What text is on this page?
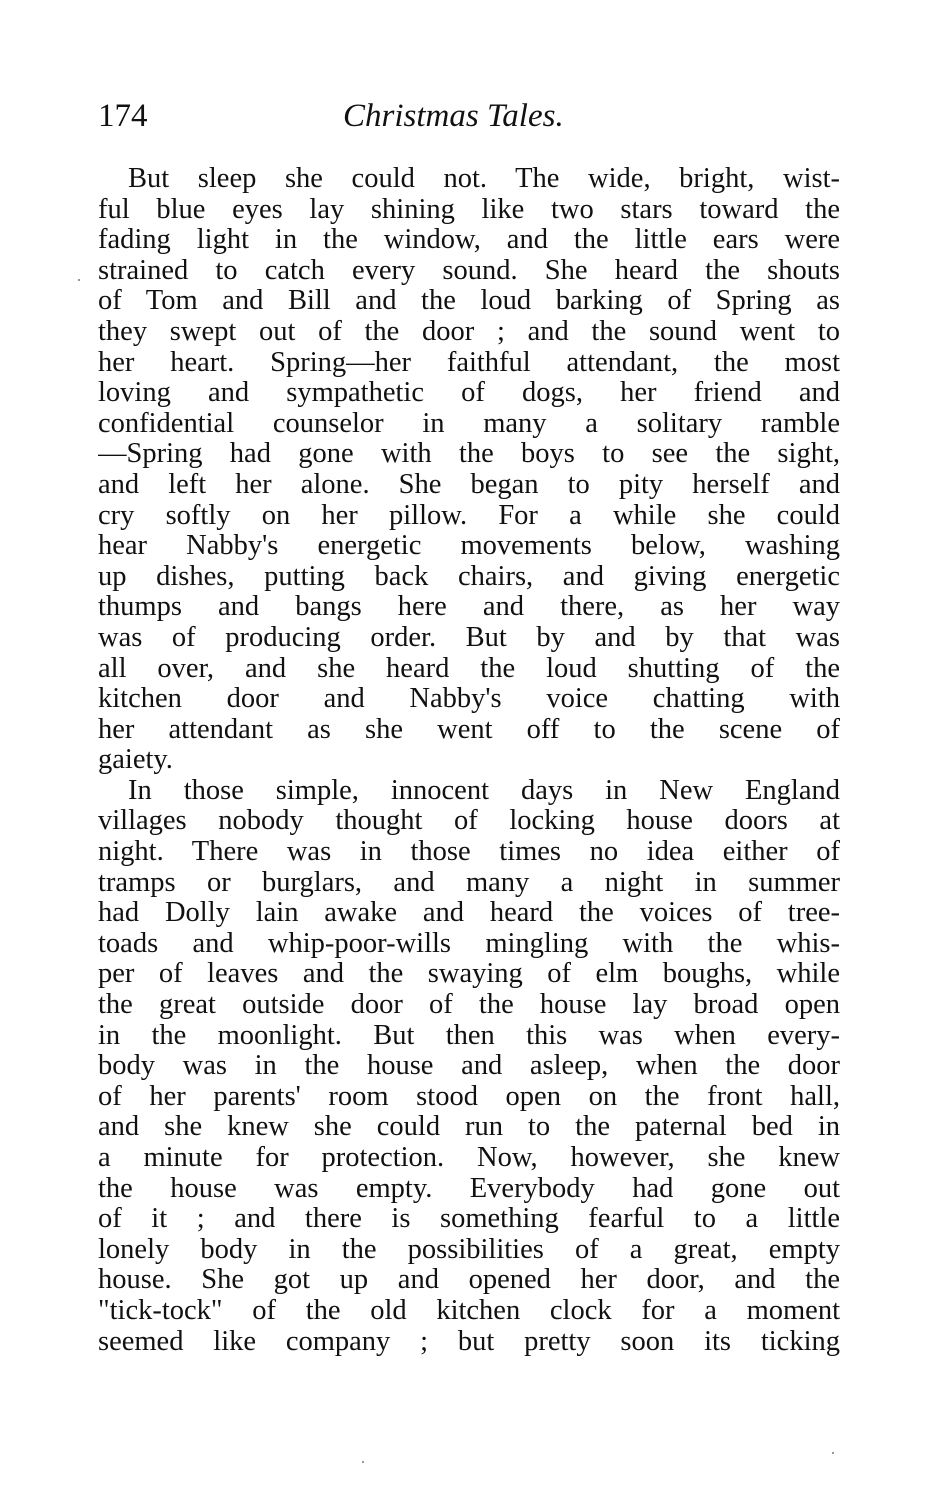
174	Christmas Tales.
But sleep she could not. The wide, bright, wist-
ful blue eyes lay shining like two stars toward the
fading light in the window, and the little ears were
strained to catch every sound. She heard the shouts
of Tom and Bill and the loud barking of Spring as
they swept out of the door ; and the sound went to
her heart. Spring—her faithful attendant, the most
loving and sympathetic of dogs, her friend and
confidential counselor in many a solitary ramble
—Spring had gone with the boys to see the sight,
and left her alone. She began to pity herself and
cry softly on her pillow. For a while she could
hear Nabby's energetic movements below, washing
up dishes, putting back chairs, and giving energetic
thumps and bangs here and there, as her way
was of producing order. But by and by that was
all over, and she heard the loud shutting of the
kitchen door and Nabby's voice chatting with
her attendant as she went off to the scene of
gaiety.
In those simple, innocent days in New England
villages nobody thought of locking house doors at
night. There was in those times no idea either of
tramps or burglars, and many a night in summer
had Dolly lain awake and heard the voices of tree-
toads and whip-poor-wills mingling with the whis-
per of leaves and the swaying of elm boughs, while
the great outside door of the house lay broad open
in the moonlight. But then this was when every-
body was in the house and asleep, when the door
of her parents' room stood open on the front hall,
and she knew she could run to the paternal bed in
a minute for protection. Now, however, she knew
the house was empty. Everybody had gone out
of it ; and there is something fearful to a little
lonely body in the possibilities of a great, empty
house. She got up and opened her door, and the
"tick-tock" of the old kitchen clock for a moment
seemed like company ; but pretty soon its ticking
